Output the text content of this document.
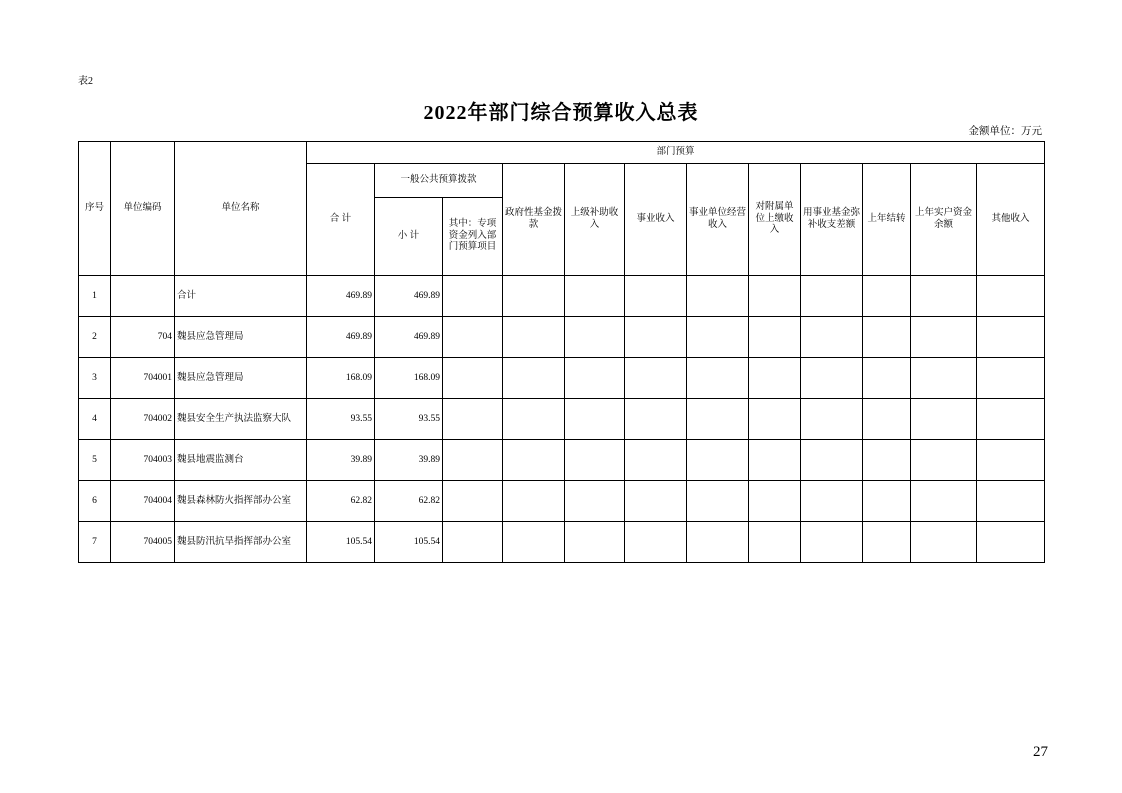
表2
2022年部门综合预算收入总表
金额单位：万元
序号	单位编码	单位名称	部门预算											
			合 计	一般公共预算拨款		政府性基金拨款	上级补助收入	事业收入	事业单位经营收入	对附属单位上缴收入	用事业基金弥补收支差额	上年结转	上年实户资金余额	其他收入

				小 计	其中：专项资金列入部门预算项目									

1		合计	469.89	469.89										
2	704	魏县应急管理局	469.89	469.89										
3	704001	魏县应急管理局	168.09	168.09										
4	704002	魏县安全生产执法监察大队	93.55	93.55										
5	704003	魏县地震监测台	39.89	39.89										
6	704004	魏县森林防火指挥部办公室	62.82	62.82										
7	704005	魏县防汛抗旱指挥部办公室	105.54	105.54										
27
